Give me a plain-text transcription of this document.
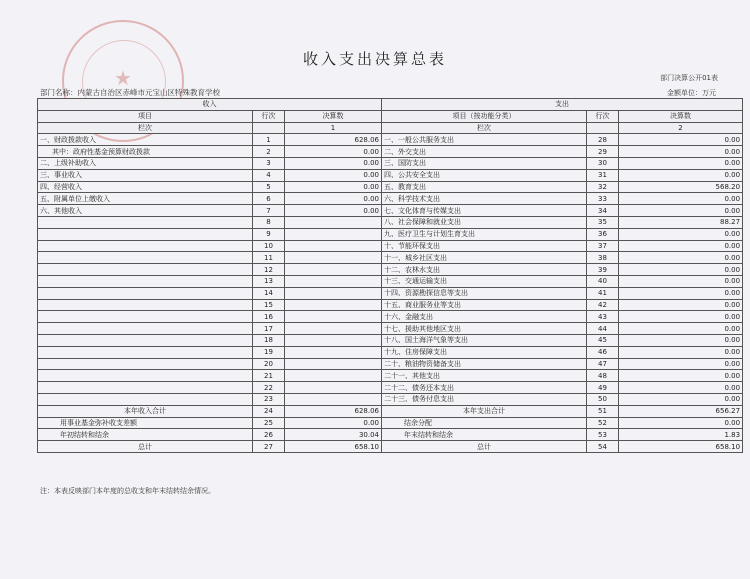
★
收入支出决算总表
部门决算公开01表
部门名称：内蒙古自治区赤峰市元宝山区特殊教育学校	金额单位：万元
收入			支出		
项目	行次	决算数	项目（按功能分类）	行次	决算数
栏次		1	栏次		2
一、财政拨款收入	1	628.06	一、一般公共服务支出	28	0.00
其中：政府性基金预算财政拨款	2	0.00	二、外交支出	29	0.00
二、上级补助收入	3	0.00	三、国防支出	30	0.00
三、事业收入	4	0.00	四、公共安全支出	31	0.00
四、经营收入	5	0.00	五、教育支出	32	568.20
五、附属单位上缴收入	6	0.00	六、科学技术支出	33	0.00
六、其他收入	7	0.00	七、文化体育与传媒支出	34	0.00
	8		八、社会保障和就业支出	35	88.27
	9		九、医疗卫生与计划生育支出	36	0.00
	10		十、节能环保支出	37	0.00
	11		十一、城乡社区支出	38	0.00
	12		十二、农林水支出	39	0.00
	13		十三、交通运输支出	40	0.00
	14		十四、资源勘探信息等支出	41	0.00
	15		十五、商业服务业等支出	42	0.00
	16		十六、金融支出	43	0.00
	17		十七、援助其他地区支出	44	0.00
	18		十八、国土海洋气象等支出	45	0.00
	19		十九、住房保障支出	46	0.00
	20		二十、粮油物资储备支出	47	0.00
	21		二十一、其他支出	48	0.00
	22		二十二、债务还本支出	49	0.00
	23		二十三、债务付息支出	50	0.00
本年收入合计	24	628.06	本年支出合计	51	656.27
用事业基金弥补收支差额	25	0.00	结余分配	52	0.00
年初结转和结余	26	30.04	年末结转和结余	53	1.83
总计	27	658.10	总计	54	658.10
注：本表反映部门本年度的总收支和年末结转结余情况。
